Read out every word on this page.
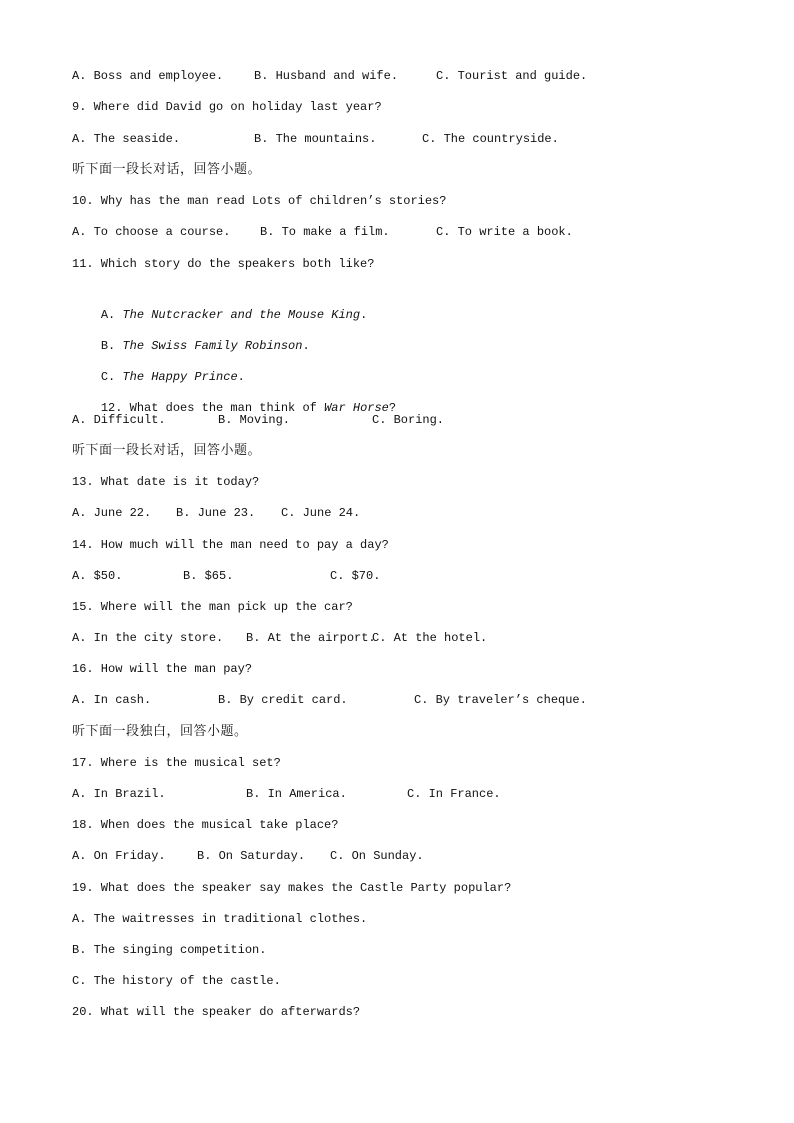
A. Boss and employee.

	B. Husband and wife.

	C. Tourist and guide.

9. Where did David go on holiday last year?

A. The seaside.

	B. The mountains.

	C. The countryside.

听下面一段长对话，回答小题。
10. Why has the man read Lots of children’s stories?

A. To choose a course.

B. To make a film.

	C. To write a book.

11. Which story do the speakers both like?

A. The Nutcracker and the Mouse King.

B. The Swiss Family Robinson.

C. The Happy Prince.

12. What does the man think of War Horse?

A. Difficult.

	B. Moving.

	C. Boring.

听下面一段长对话，回答小题。
13. What date is it today?

A. June 22.

B. June 23.

C. June 24.

14. How much will the man need to pay a day?

A. $50.

	B. $65.

	C. $70.

15. Where will the man pick up the car?

A. In the city store.

B. At the airport.

C. At the hotel.

16. How will the man pay?

A. In cash.

	B. By credit card.

	C. By traveler’s cheque.

听下面一段独白，回答小题。
17. Where is the musical set?

A. In Brazil.

	B. In America.

	C. In France.

18. When does the musical take place?

A. On Friday.

	B. On Saturday.

C. On Sunday.

19. What does the speaker say makes the Castle Party popular?
A. The waitresses in traditional clothes.
B. The singing competition.
C. The history of the castle.
20. What will the speaker do afterwards?
